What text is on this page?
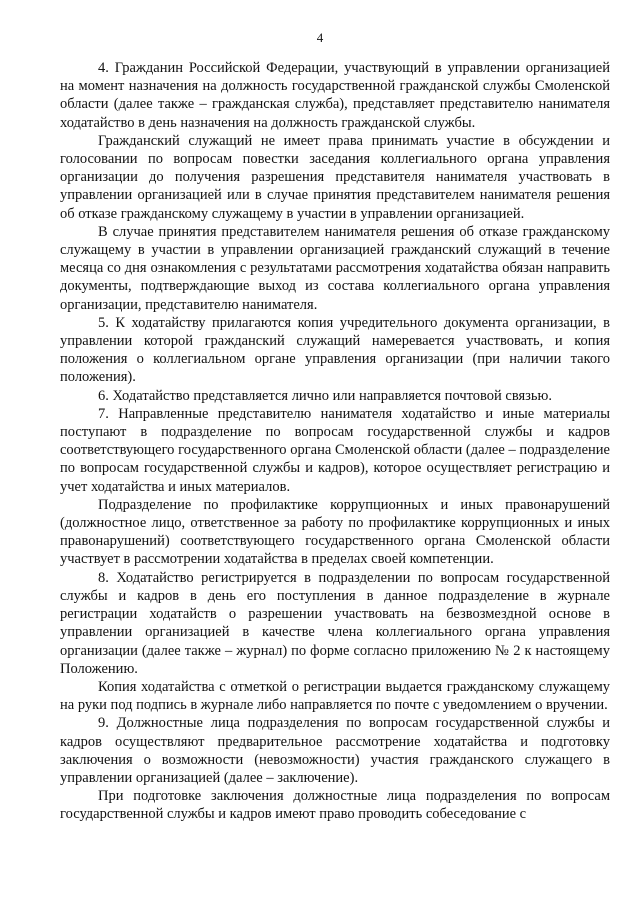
4

4. Гражданин Российской Федерации, участвующий в управлении организацией на момент назначения на должность государственной гражданской службы Смоленской области (далее также – гражданская служба), представляет представителю нанимателя ходатайство в день назначения на должность гражданской службы.

Гражданский служащий не имеет права принимать участие в обсуждении и голосовании по вопросам повестки заседания коллегиального органа управления организации до получения разрешения представителя нанимателя участвовать в управлении организацией или в случае принятия представителем нанимателя решения об отказе гражданскому служащему в участии в управлении организацией.

В случае принятия представителем нанимателя решения об отказе гражданскому служащему в участии в управлении организацией гражданский служащий в течение месяца со дня ознакомления с результатами рассмотрения ходатайства обязан направить документы, подтверждающие выход из состава коллегиального органа управления организации, представителю нанимателя.

5. К ходатайству прилагаются копия учредительного документа организации, в управлении которой гражданский служащий намеревается участвовать, и копия положения о коллегиальном органе управления организации (при наличии такого положения).

6. Ходатайство представляется лично или направляется почтовой связью.

7. Направленные представителю нанимателя ходатайство и иные материалы поступают в подразделение по вопросам государственной службы и кадров соответствующего государственного органа Смоленской области (далее – подразделение по вопросам государственной службы и кадров), которое осуществляет регистрацию и учет ходатайства и иных материалов.

Подразделение по профилактике коррупционных и иных правонарушений (должностное лицо, ответственное за работу по профилактике коррупционных и иных правонарушений) соответствующего государственного органа Смоленской области участвует в рассмотрении ходатайства в пределах своей компетенции.

8. Ходатайство регистрируется в подразделении по вопросам государственной службы и кадров в день его поступления в данное подразделение в журнале регистрации ходатайств о разрешении участвовать на безвозмездной основе в управлении организацией в качестве члена коллегиального органа управления организации (далее также – журнал) по форме согласно приложению № 2 к настоящему Положению.

Копия ходатайства с отметкой о регистрации выдается гражданскому служащему на руки под подпись в журнале либо направляется по почте с уведомлением о вручении.

9. Должностные лица подразделения по вопросам государственной службы и кадров осуществляют предварительное рассмотрение ходатайства и подготовку заключения о возможности (невозможности) участия гражданского служащего в управлении организацией (далее – заключение).

При подготовке заключения должностные лица подразделения по вопросам государственной службы и кадров имеют право проводить собеседование с
